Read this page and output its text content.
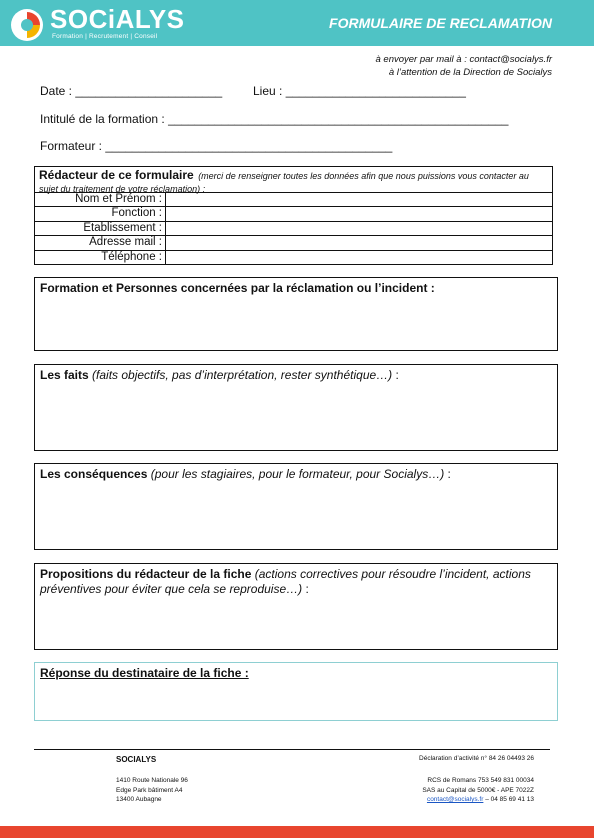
SOCiALYS
Formation | Recrutement | Conseil
FORMULAIRE DE RECLAMATION
à envoyer par mail à : contact@socialys.fr
à l’attention de la Direction de Socialys
Date : ______________________	Lieu : ___________________________
Intitulé de la formation : ___________________________________________________
Formateur : ___________________________________________
Rédacteur de ce formulaire (merci de renseigner toutes les données afin que nous puissions vous contacter au sujet du traitement de votre réclamation) :
Nom et Prénom :
Fonction :
Etablissement :
Adresse mail :
Téléphone :
Formation et Personnes concernées par la réclamation ou l’incident :
Les faits (faits objectifs, pas d’interprétation, rester synthétique…) :
Les conséquences (pour les stagiaires, pour le formateur, pour Socialys…) :
Propositions du rédacteur de la fiche (actions correctives pour résoudre l’incident, actions préventives pour éviter que cela se reproduise…) :
Réponse du destinataire de la fiche :
SOCIALYS	Déclaration d’activité n° 84 26 04493 26
1410 Route Nationale 96
Edge Park bâtiment A4
13400 Aubagne
RCS de Romans 753 549 831 00034
SAS au Capital de 5000€ - APE 7022Z
contact@socialys.fr – 04 85 69 41 13
